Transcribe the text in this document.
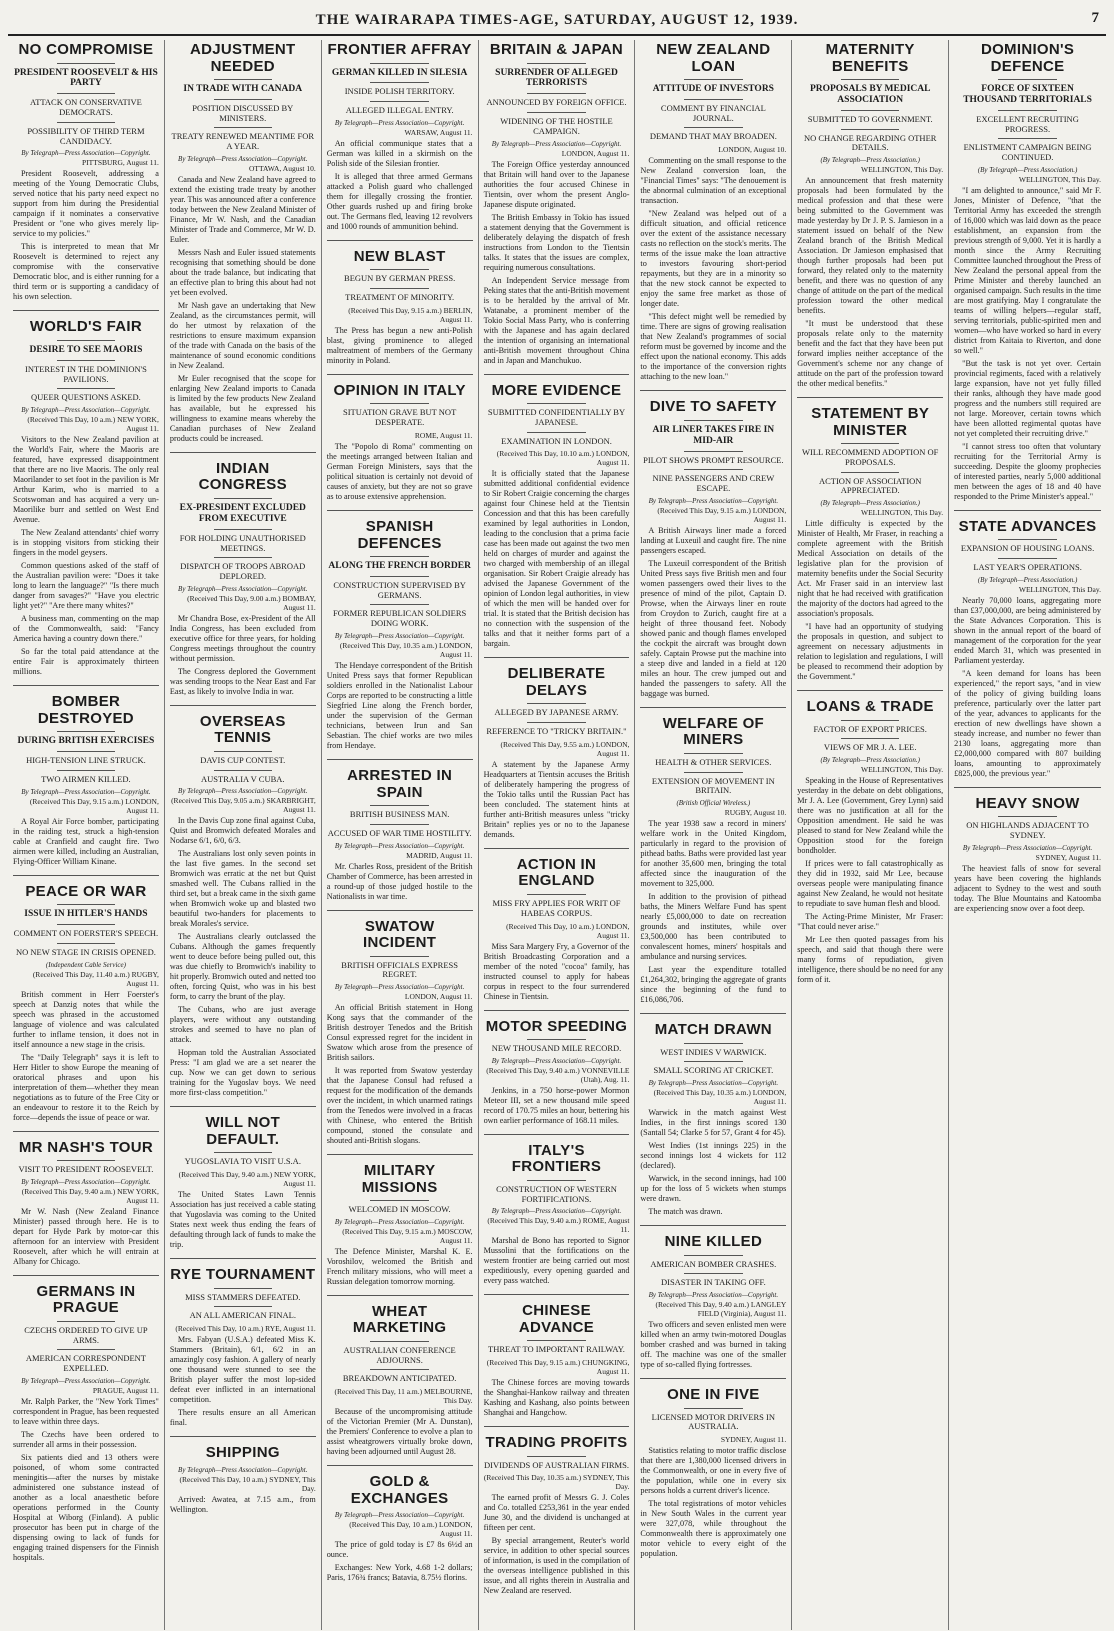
THE WAIRARAPA TIMES-AGE, SATURDAY, AUGUST 12, 1939.	7
NO COMPROMISE
PRESIDENT ROOSEVELT & HIS PARTY
ATTACK ON CONSERVATIVE DEMOCRATS.
POSSIBILITY OF THIRD TERM CANDIDACY.
By Telegraph—Press Association—Copyright.
PITTSBURG, August 11.

President Roosevelt, addressing a meeting of the Young Democratic Clubs, served notice that his party need expect no support from him during the Presidential campaign if it nominates a conservative President or "one who gives merely lip-service to my policies."

This is interpreted to mean that Mr Roosevelt is determined to reject any compromise with the conservative Democratic bloc, and is either running for a third term or is supporting a candidacy of his own selection.

WORLD'S FAIR
DESIRE TO SEE MAORIS
INTEREST IN THE DOMINION'S PAVILIONS.
QUEER QUESTIONS ASKED.
By Telegraph—Press Association—Copyright.
(Received This Day, 10 a.m.) NEW YORK, August 11.

Visitors to the New Zealand pavilion at the World's Fair, where the Maoris are featured, have expressed disappointment that there are no live Maoris. The only real Maorilander to set foot in the pavilion is Mr Arthur Karim, who is married to a Scotswoman and has acquired a very un-Maorilike burr and settled on West End Avenue.

The New Zealand attendants' chief worry is in stopping visitors from sticking their fingers in the model geysers.

Common questions asked of the staff of the Australian pavilion were: "Does it take long to learn the language?" "Is there much danger from savages?" "Have you electric light yet?" "Are there many whites?"

A business man, commenting on the map of the Commonwealth, said: "Fancy America having a country down there."

So far the total paid attendance at the entire Fair is approximately thirteen millions.

BOMBER DESTROYED
DURING BRITISH EXERCISES
HIGH-TENSION LINE STRUCK.
TWO AIRMEN KILLED.
By Telegraph—Press Association—Copyright.
(Received This Day, 9.15 a.m.) LONDON, August 11.

A Royal Air Force bomber, participating in the raiding test, struck a high-tension cable at Cranfield and caught fire. Two airmen were killed, including an Australian, Flying-Officer William Kinane.

PEACE OR WAR
ISSUE IN HITLER'S HANDS
COMMENT ON FOERSTER'S SPEECH.
NO NEW STAGE IN CRISIS OPENED.
(Independent Cable Service)
(Received This Day, 11.40 a.m.) RUGBY, August 11.

British comment in Herr Foerster's speech at Danzig notes that while the speech was phrased in the accustomed language of violence and was calculated further to inflame tension, it does not in itself announce a new stage in the crisis.

The "Daily Telegraph" says it is left to Herr Hitler to show Europe the meaning of oratorical phrases and upon his interpretation of them—whether they mean negotiations as to future of the Free City or an endeavour to restore it to the Reich by force—depends the issue of peace or war.

MR NASH'S TOUR
VISIT TO PRESIDENT ROOSEVELT.
By Telegraph—Press Association—Copyright.
(Received This Day, 9.40 a.m.) NEW YORK, August 11.

Mr W. Nash (New Zealand Finance Minister) passed through here. He is to depart for Hyde Park by motor-car this afternoon for an interview with President Roosevelt, after which he will entrain at Albany for Chicago.

GERMANS IN PRAGUE
CZECHS ORDERED TO GIVE UP ARMS.
AMERICAN CORRESPONDENT EXPELLED.
By Telegraph—Press Association—Copyright.
PRAGUE, August 11.

Mr. Ralph Parker, the "New York Times" correspondent in Prague, has been requested to leave within three days.

The Czechs have been ordered to surrender all arms in their possession.

Six patients died and 13 others were poisoned, of whom some contracted meningitis—after the nurses by mistake administered one substance instead of another as a local anaesthetic before operations performed in the County Hospital at Wiborg (Finland). A public prosecutor has been put in charge of the dispensing owing to lack of funds for engaging trained dispensers for the Finnish hospitals.

ADJUSTMENT NEEDED
IN TRADE WITH CANADA
POSITION DISCUSSED BY MINISTERS.
TREATY RENEWED MEANTIME FOR A YEAR.
By Telegraph—Press Association—Copyright.
OTTAWA, August 10.

Canada and New Zealand have agreed to extend the existing trade treaty by another year. This was announced after a conference today between the New Zealand Minister of Finance, Mr W. Nash, and the Canadian Minister of Trade and Commerce, Mr W. D. Euler.

Messrs Nash and Euler issued statements recognising that something should be done about the trade balance, but indicating that an effective plan to bring this about had not yet been evolved.

Mr Nash gave an undertaking that New Zealand, as the circumstances permit, will do her utmost by relaxation of the restrictions to ensure maximum expansion of the trade with Canada on the basis of the maintenance of sound economic conditions in New Zealand.

Mr Euler recognised that the scope for enlarging New Zealand imports to Canada is limited by the few products New Zealand has available, but he expressed his willingness to examine means whereby the Canadian purchases of New Zealand products could be increased.

INDIAN CONGRESS
EX-PRESIDENT EXCLUDED FROM EXECUTIVE
FOR HOLDING UNAUTHORISED MEETINGS.
DISPATCH OF TROOPS ABROAD DEPLORED.
By Telegraph—Press Association—Copyright.
(Received This Day, 9.00 a.m.) BOMBAY, August 11.

Mr Chandra Bose, ex-President of the All India Congress, has been excluded from executive office for three years, for holding Congress meetings throughout the country without permission.

The Congress deplored the Government was sending troops to the Near East and Far East, as likely to involve India in war.

OVERSEAS TENNIS
DAVIS CUP CONTEST.
AUSTRALIA V CUBA.
By Telegraph—Press Association—Copyright.
(Received This Day, 9.05 a.m.) SKARBRIGHT, August 11.

In the Davis Cup zone final against Cuba, Quist and Bromwich defeated Morales and Nodarse 6/1, 6/0, 6/3.

The Australians lost only seven points in the last five games. In the second set Bromwich was erratic at the net but Quist smashed well. The Cubans rallied in the third set, but a break came in the sixth game when Bromwich woke up and blasted two beautiful two-handers for placements to break Morales's service.

The Australians clearly outclassed the Cubans. Although the games frequently went to deuce before being pulled out, this was due chiefly to Bromwich's inability to hit properly. Bromwich outed and netted too often, forcing Quist, who was in his best form, to carry the brunt of the play.

The Cubans, who are just average players, were without any outstanding strokes and seemed to have no plan of attack.

Hopman told the Australian Associated Press: "I am glad we are a set nearer the cup. Now we can get down to serious training for the Yugoslav boys. We need more first-class competition."

WILL NOT DEFAULT.
YUGOSLAVIA TO VISIT U.S.A.
(Received This Day, 9.40 a.m.) NEW YORK, August 11.

The United States Lawn Tennis Association has just received a cable stating that Yugoslavia was coming to the United States next week thus ending the fears of defaulting through lack of funds to make the trip.

RYE TOURNAMENT
MISS STAMMERS DEFEATED.
AN ALL AMERICAN FINAL.
(Received This Day, 10 a.m.) RYE, August 11.

Mrs. Fabyan (U.S.A.) defeated Miss K. Stammers (Britain), 6/1, 6/2 in an amazingly cosy fashion. A gallery of nearly one thousand were stunned to see the British player suffer the most lop-sided defeat ever inflicted in an international competition.

There results ensure an all American final.

SHIPPING
By Telegraph—Press Association—Copyright.
(Received This Day, 10 a.m.) SYDNEY, This Day.

Arrived: Awatea, at 7.15 a.m., from Wellington.

FRONTIER AFFRAY
GERMAN KILLED IN SILESIA
INSIDE POLISH TERRITORY.
ALLEGED ILLEGAL ENTRY.
By Telegraph—Press Association—Copyright.
WARSAW, August 11.

An official communique states that a German was killed in a skirmish on the Polish side of the Silesian frontier.

It is alleged that three armed Germans attacked a Polish guard who challenged them for illegally crossing the frontier. Other guards rushed up and firing broke out. The Germans fled, leaving 12 revolvers and 1000 rounds of ammunition behind.

NEW BLAST
BEGUN BY GERMAN PRESS.
TREATMENT OF MINORITY.
(Received This Day, 9.15 a.m.) BERLIN, August 11.

The Press has begun a new anti-Polish blast, giving prominence to alleged maltreatment of members of the Germany minority in Poland.

OPINION IN ITALY
SITUATION GRAVE BUT NOT DESPERATE.
ROME, August 11.

The "Popolo di Roma" commenting on the meetings arranged between Italian and German Foreign Ministers, says that the political situation is certainly not devoid of causes of anxiety, but they are not so grave as to arouse extensive apprehension.

SPANISH DEFENCES
ALONG THE FRENCH BORDER
CONSTRUCTION SUPERVISED BY GERMANS.
FORMER REPUBLICAN SOLDIERS DOING WORK.
By Telegraph—Press Association—Copyright.
(Received This Day, 10.35 a.m.) LONDON, August 11.

The Hendaye correspondent of the British United Press says that former Republican soldiers enrolled in the Nationalist Labour Corps are reported to be constructing a little Siegfried Line along the French border, under the supervision of the German technicians, between Irun and San Sebastian. The chief works are two miles from Hendaye.

ARRESTED IN SPAIN
BRITISH BUSINESS MAN.
ACCUSED OF WAR TIME HOSTILITY.
By Telegraph—Press Association—Copyright.
MADRID, August 11.

Mr. Charles Ross, president of the British Chamber of Commerce, has been arrested in a round-up of those judged hostile to the Nationalists in war time.

SWATOW INCIDENT
BRITISH OFFICIALS EXPRESS REGRET.
By Telegraph—Press Association—Copyright.
LONDON, August 11.

An official British statement in Hong Kong says that the commander of the British destroyer Tenedos and the British Consul expressed regret for the incident in Swatow which arose from the presence of British sailors.

It was reported from Swatow yesterday that the Japanese Consul had refused a request for the modification of the demands over the incident, in which unarmed ratings from the Tenedos were involved in a fracas with Chinese, who entered the British compound, stoned the consulate and shouted anti-British slogans.

MILITARY MISSIONS
WELCOMED IN MOSCOW.
By Telegraph—Press Association—Copyright.
(Received This Day, 9.15 a.m.) MOSCOW, August 11.

The Defence Minister, Marshal K. E. Voroshilov, welcomed the British and French military missions, who will meet a Russian delegation tomorrow morning.

WHEAT MARKETING
AUSTRALIAN CONFERENCE ADJOURNS.
BREAKDOWN ANTICIPATED.
(Received This Day, 11 a.m.) MELBOURNE, This Day.

Because of the uncompromising attitude of the Victorian Premier (Mr A. Dunstan), the Premiers' Conference to evolve a plan to assist wheatgrowers virtually broke down, having been adjourned until August 28.

GOLD & EXCHANGES
By Telegraph—Press Association—Copyright.
(Received This Day, 10 a.m.) LONDON, August 11.

The price of gold today is £7 8s 6½d an ounce.

Exchanges: New York, 4.68 1-2 dollars; Paris, 176¾ francs; Batavia, 8.75½ florins.

BRITAIN & JAPAN
SURRENDER OF ALLEGED TERRORISTS
ANNOUNCED BY FOREIGN OFFICE.
WIDENING OF THE HOSTILE CAMPAIGN.
By Telegraph—Press Association—Copyright.
LONDON, August 11.

The Foreign Office yesterday announced that Britain will hand over to the Japanese authorities the four accused Chinese in Tientsin, over whom the present Anglo-Japanese dispute originated.

The British Embassy in Tokio has issued a statement denying that the Government is deliberately delaying the dispatch of fresh instructions from London to the Tientsin talks. It states that the issues are complex, requiring numerous consultations.

An Independent Service message from Peking states that the anti-British movement is to be heralded by the arrival of Mr. Watanabe, a prominent member of the Tokio Social Mass Party, who is conferring with the Japanese and has again declared the intention of organising an international anti-British movement throughout China and in Japan and Manchukuo.

MORE EVIDENCE
SUBMITTED CONFIDENTIALLY BY JAPANESE.
EXAMINATION IN LONDON.
(Received This Day, 10.10 a.m.) LONDON, August 11.

It is officially stated that the Japanese submitted additional confidential evidence to Sir Robert Craigie concerning the charges against four Chinese held at the Tientsin Concession and that this has been carefully examined by legal authorities in London, leading to the conclusion that a prima facie case has been made out against the two men held on charges of murder and against the two charged with membership of an illegal organisation. Sir Robert Craigie already has advised the Japanese Government of the opinion of London legal authorities, in view of which the men will be handed over for trial. It is stated that the British decision has no connection with the suspension of the talks and that it neither forms part of a bargain.

DELIBERATE DELAYS
ALLEGED BY JAPANESE ARMY.
REFERENCE TO "TRICKY BRITAIN."
(Received This Day, 9.55 a.m.) LONDON, August 11.

A statement by the Japanese Army Headquarters at Tientsin accuses the British of deliberately hampering the progress of the Tokio talks until the Russian Pact has been concluded. The statement hints at further anti-British measures unless "tricky Britain" replies yes or no to the Japanese demands.

ACTION IN ENGLAND
MISS FRY APPLIES FOR WRIT OF HABEAS CORPUS.
(Received This Day, 10 a.m.) LONDON, August 11.

Miss Sara Margery Fry, a Governor of the British Broadcasting Corporation and a member of the noted "cocoa" family, has instructed counsel to apply for habeas corpus in respect to the four surrendered Chinese in Tientsin.

MOTOR SPEEDING
NEW THOUSAND MILE RECORD.
By Telegraph—Press Association—Copyright.
(Received This Day, 9.40 a.m.) VONNEVILLE (Utah), Aug. 11.

Jenkins, in a 750 horse-power Mormon Meteor III, set a new thousand mile speed record of 170.75 miles an hour, bettering his own earlier performance of 168.11 miles.

ITALY'S FRONTIERS
CONSTRUCTION OF WESTERN FORTIFICATIONS.
By Telegraph—Press Association—Copyright.
(Received This Day, 9.40 a.m.) ROME, August 11.

Marshal de Bono has reported to Signor Mussolini that the fortifications on the western frontier are being carried out most expeditiously, every opening guarded and every pass watched.

CHINESE ADVANCE
THREAT TO IMPORTANT RAILWAY.
(Received This Day, 9.15 a.m.) CHUNGKING, August 11.

The Chinese forces are moving towards the Shanghai-Hankow railway and threaten Kashing and Kashang, also points between Shanghai and Hangchow.

TRADING PROFITS
DIVIDENDS OF AUSTRALIAN FIRMS.
(Received This Day, 10.35 a.m.) SYDNEY, This Day.

The earned profit of Messrs G. J. Coles and Co. totalled £253,361 in the year ended June 30, and the dividend is unchanged at fifteen per cent.

By special arrangement, Reuter's world service, in addition to other special sources of information, is used in the compilation of the overseas intelligence published in this issue, and all rights therein in Australia and New Zealand are reserved.

NEW ZEALAND LOAN
ATTITUDE OF INVESTORS
COMMENT BY FINANCIAL JOURNAL.
DEMAND THAT MAY BROADEN.
LONDON, August 10.

Commenting on the small response to the New Zealand conversion loan, the "Financial Times" says: "The denouement is the abnormal culmination of an exceptional transaction.

"New Zealand was helped out of a difficult situation, and official reticence over the extent of the assistance necessary casts no reflection on the stock's merits. The terms of the issue make the loan attractive to investors favouring short-period repayments, but they are in a minority so that the new stock cannot be expected to enjoy the same free market as those of longer date.

"This defect might well be remedied by time. There are signs of growing realisation that New Zealand's programmes of social reform must be governed by income and the effect upon the national economy. This adds to the importance of the conversion rights attaching to the new loan."

DIVE TO SAFETY
AIR LINER TAKES FIRE IN MID-AIR
PILOT SHOWS PROMPT RESOURCE.
NINE PASSENGERS AND CREW ESCAPE.
By Telegraph—Press Association—Copyright.
(Received This Day, 9.15 a.m.) LONDON, August 11.

A British Airways liner made a forced landing at Luxeuil and caught fire. The nine passengers escaped.

The Luxeuil correspondent of the British United Press says five British men and four women passengers owed their lives to the presence of mind of the pilot, Captain D. Prowse, when the Airways liner en route from Croydon to Zurich, caught fire at a height of three thousand feet. Nobody showed panic and though flames enveloped the cockpit the aircraft was brought down safely. Captain Prowse put the machine into a steep dive and landed in a field at 120 miles an hour. The crew jumped out and handed the passengers to safety. All the baggage was burned.

WELFARE OF MINERS
HEALTH & OTHER SERVICES.
EXTENSION OF MOVEMENT IN BRITAIN.
(British Official Wireless.)
RUGBY, August 10.

The year 1938 saw a record in miners' welfare work in the United Kingdom, particularly in regard to the provision of pithead baths. Baths were provided last year for another 35,600 men, bringing the total affected since the inauguration of the movement to 325,000.

In addition to the provision of pithead baths, the Miners Welfare Fund has spent nearly £5,000,000 to date on recreation grounds and institutes, while over £3,500,000 has been contributed to convalescent homes, miners' hospitals and ambulance and nursing services.

Last year the expenditure totalled £1,264,302, bringing the aggregate of grants since the beginning of the fund to £16,086,706.

MATCH DRAWN
WEST INDIES V WARWICK.
SMALL SCORING AT CRICKET.
By Telegraph—Press Association—Copyright.
(Received This Day, 10.35 a.m.) LONDON, August 11.

Warwick in the match against West Indies, in the first innings scored 130 (Santall 54; Clarke 5 for 57, Grant 4 for 45).

West Indies (1st innings 225) in the second innings lost 4 wickets for 112 (declared).

Warwick, in the second innings, had 100 up for the loss of 5 wickets when stumps were drawn.

The match was drawn.

NINE KILLED
AMERICAN BOMBER CRASHES.
DISASTER IN TAKING OFF.
By Telegraph—Press Association—Copyright.
(Received This Day, 9.40 a.m.) LANGLEY FIELD (Virginia), August 11.

Two officers and seven enlisted men were killed when an army twin-motored Douglas bomber crashed and was burned in taking off. The machine was one of the smaller type of so-called flying fortresses.

ONE IN FIVE
LICENSED MOTOR DRIVERS IN AUSTRALIA.
SYDNEY, August 11.

Statistics relating to motor traffic disclose that there are 1,380,000 licensed drivers in the Commonwealth, or one in every five of the population, while one in every six persons holds a current driver's licence.

The total registrations of motor vehicles in New South Wales in the current year were 327,078, while throughout the Commonwealth there is approximately one motor vehicle to every eight of the population.

MATERNITY BENEFITS
PROPOSALS BY MEDICAL ASSOCIATION
SUBMITTED TO GOVERNMENT.
NO CHANGE REGARDING OTHER DETAILS.
(By Telegraph—Press Association.)
WELLINGTON, This Day.

An announcement that fresh maternity proposals had been formulated by the medical profession and that these were being submitted to the Government was made yesterday by Dr J. P. S. Jamieson in a statement issued on behalf of the New Zealand branch of the British Medical Association. Dr Jamieson emphasised that though further proposals had been put forward, they related only to the maternity benefit, and there was no question of any change of attitude on the part of the medical profession toward the other medical benefits.

"It must be understood that these proposals relate only to the maternity benefit and the fact that they have been put forward implies neither acceptance of the Government's scheme nor any change of attitude on the part of the profession toward the other medical benefits."

STATEMENT BY MINISTER
WILL RECOMMEND ADOPTION OF PROPOSALS.
ACTION OF ASSOCIATION APPRECIATED.
(By Telegraph—Press Association.)
WELLINGTON, This Day.

Little difficulty is expected by the Minister of Health, Mr Fraser, in reaching a complete agreement with the British Medical Association on details of the legislative plan for the provision of maternity benefits under the Social Security Act. Mr Fraser said in an interview last night that he had received with gratification the majority of the doctors had agreed to the association's proposals.

"I have had an opportunity of studying the proposals in question, and subject to agreement on necessary adjustments in relation to legislation and regulations, I will be pleased to recommend their adoption by the Government."

LOANS & TRADE
FACTOR OF EXPORT PRICES.
VIEWS OF MR J. A. LEE.
(By Telegraph—Press Association.)
WELLINGTON, This Day.

Speaking in the House of Representatives yesterday in the debate on debt obligations, Mr J. A. Lee (Government, Grey Lynn) said there was no justification at all for the Opposition amendment. He said he was pleased to stand for New Zealand while the Opposition stood for the foreign bondholder.

If prices were to fall catastrophically as they did in 1932, said Mr Lee, because overseas people were manipulating finance against New Zealand, he would not hesitate to repudiate to save human flesh and blood.

The Acting-Prime Minister, Mr Fraser: "That could never arise."

Mr Lee then quoted passages from his speech, and said that though there were many forms of repudiation, given intelligence, there should be no need for any form of it.

DOMINION'S DEFENCE
FORCE OF SIXTEEN THOUSAND TERRITORIALS
EXCELLENT RECRUITING PROGRESS.
ENLISTMENT CAMPAIGN BEING CONTINUED.
(By Telegraph—Press Association.)
WELLINGTON, This Day.

"I am delighted to announce," said Mr F. Jones, Minister of Defence, "that the Territorial Army has exceeded the strength of 16,000 which was laid down as the peace establishment, an expansion from the previous strength of 9,000. Yet it is hardly a month since the Army Recruiting Committee launched throughout the Press of New Zealand the personal appeal from the Prime Minister and thereby launched an organised campaign. Such results in the time are most gratifying. May I congratulate the teams of willing helpers—regular staff, serving territorials, public-spirited men and women—who have worked so hard in every district from Kaitaia to Riverton, and done so well."

"But the task is not yet over. Certain provincial regiments, faced with a relatively large expansion, have not yet fully filled their ranks, although they have made good progress and the numbers still required are not large. Moreover, certain towns which have been allotted regimental quotas have not yet completed their recruiting drive."

"I cannot stress too often that voluntary recruiting for the Territorial Army is succeeding. Despite the gloomy prophecies of interested parties, nearly 5,000 additional men between the ages of 18 and 40 have responded to the Prime Minister's appeal."

STATE ADVANCES
EXPANSION OF HOUSING LOANS.
LAST YEAR'S OPERATIONS.
(By Telegraph—Press Association.)
WELLINGTON, This Day.

Nearly 70,000 loans, aggregating more than £37,000,000, are being administered by the State Advances Corporation. This is shown in the annual report of the board of management of the corporation for the year ended March 31, which was presented in Parliament yesterday.

"A keen demand for loans has been experienced," the report says, "and in view of the policy of giving building loans preference, particularly over the latter part of the year, advances to applicants for the erection of new dwellings have shown a steady increase, and number no fewer than 2130 loans, aggregating more than £2,000,000 compared with 807 building loans, amounting to approximately £825,000, the previous year."

HEAVY SNOW
ON HIGHLANDS ADJACENT TO SYDNEY.
By Telegraph—Press Association—Copyright.
SYDNEY, August 11.

The heaviest falls of snow for several years have been covering the highlands adjacent to Sydney to the west and south today. The Blue Mountains and Katoomba are experiencing snow over a foot deep.
